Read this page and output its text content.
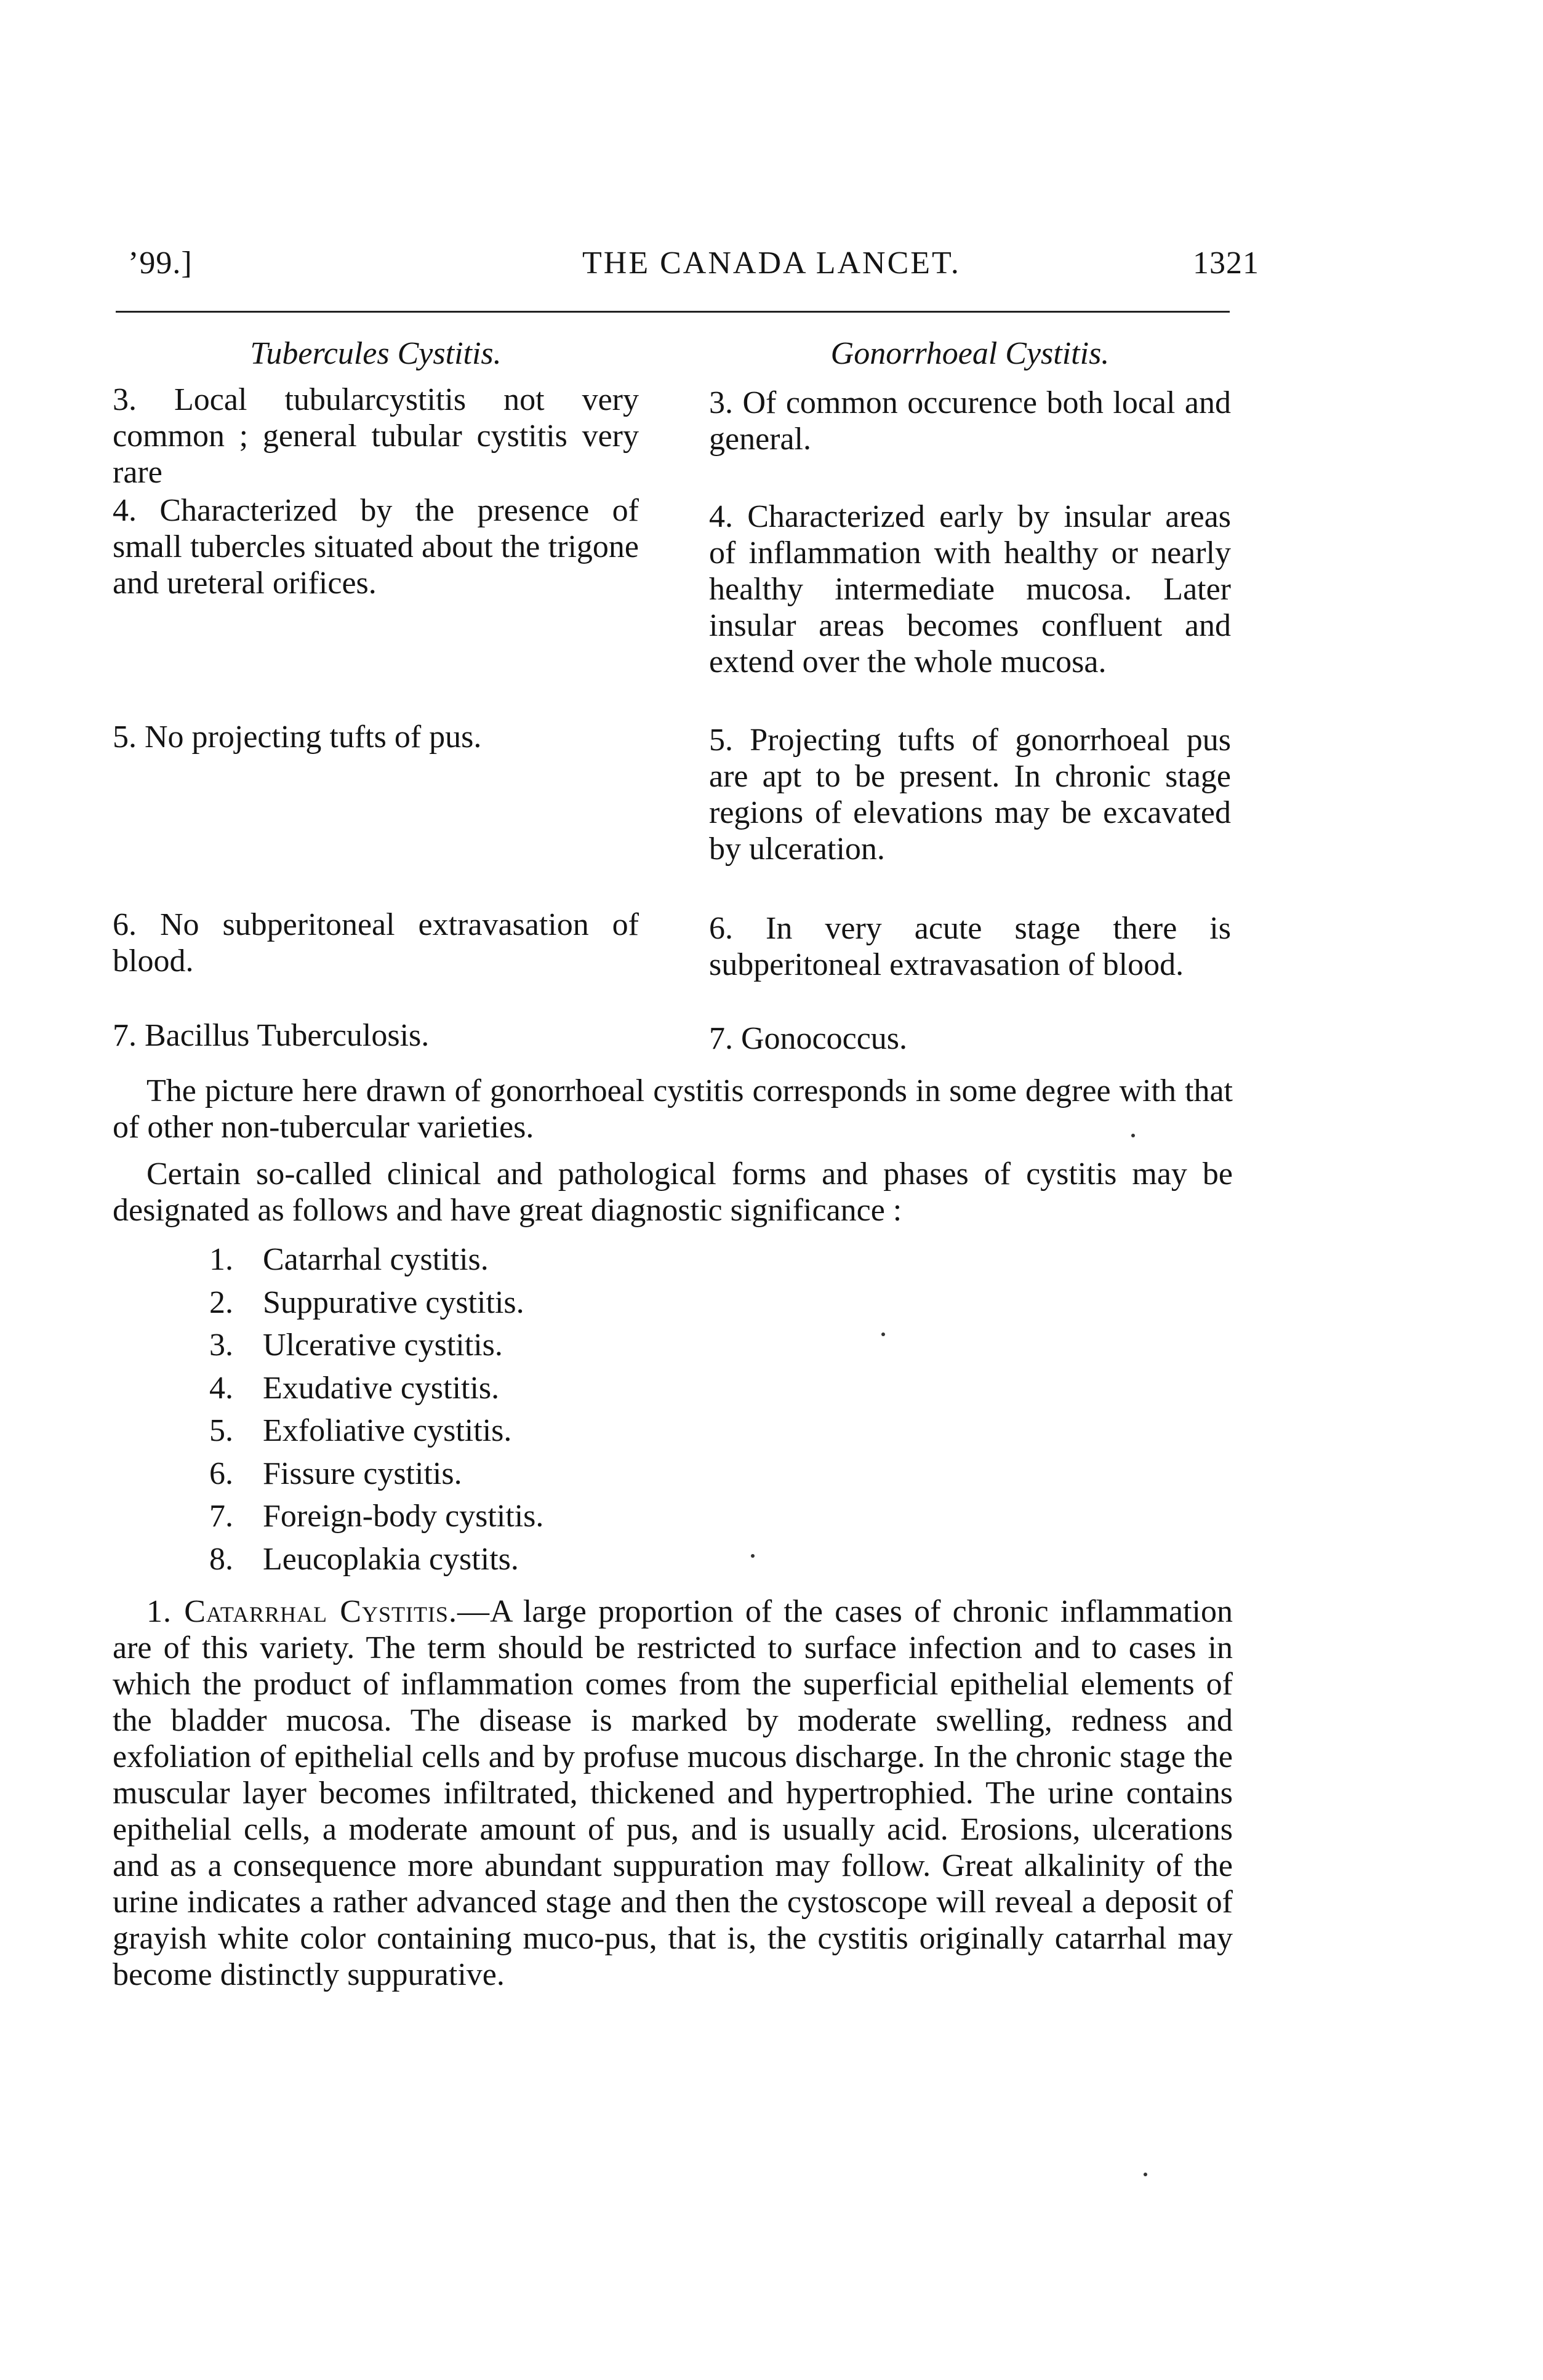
’99.]	THE CANADA LANCET.	1321
Tubercules Cystitis.

3. Local tubularcystitis not very common ; general tubular cystitis very rare

4. Characterized by the presence of small tubercles situated about the trigone and ureteral orifices.

5. No projecting tufts of pus.

6. No subperitoneal extravasation of blood.

7. Bacillus Tuberculosis.

Gonorrhoeal Cystitis.

3. Of common occurence both local and general.

4. Characterized early by insular areas of inflammation with healthy or nearly healthy intermediate mucosa. Later insular areas becomes confluent and extend over the whole mucosa.

5. Projecting tufts of gonorrhoeal pus are apt to be present. In chronic stage regions of elevations may be excavated by ulceration.

6. In very acute stage there is subperitoneal extravasation of blood.

7. Gonococcus.

The picture here drawn of gonorrhoeal cystitis corresponds in some degree with that of other non-tubercular varieties.

Certain so-called clinical and pathological forms and phases of cystitis may be designated as follows and have great diagnostic significance :

1. Catarrhal cystitis.
2. Suppurative cystitis.
3. Ulcerative cystitis.
4. Exudative cystitis.
5. Exfoliative cystitis.
6. Fissure cystitis.
7. Foreign-body cystitis.
8. Leucoplakia cystits.

1. Catarrhal Cystitis.—A large proportion of the cases of chronic inflammation are of this variety. The term should be restricted to surface infection and to cases in which the product of inflammation comes from the superficial epithelial elements of the bladder mucosa. The disease is marked by moderate swelling, redness and exfoliation of epithelial cells and by profuse mucous discharge. In the chronic stage the muscular layer becomes infiltrated, thickened and hypertrophied. The urine contains epithelial cells, a moderate amount of pus, and is usually acid. Erosions, ulcerations and as a consequence more abundant suppuration may follow. Great alkalinity of the urine indicates a rather advanced stage and then the cystoscope will reveal a deposit of grayish white color containing muco-pus, that is, the cystitis originally catarrhal may become distinctly suppurative.
